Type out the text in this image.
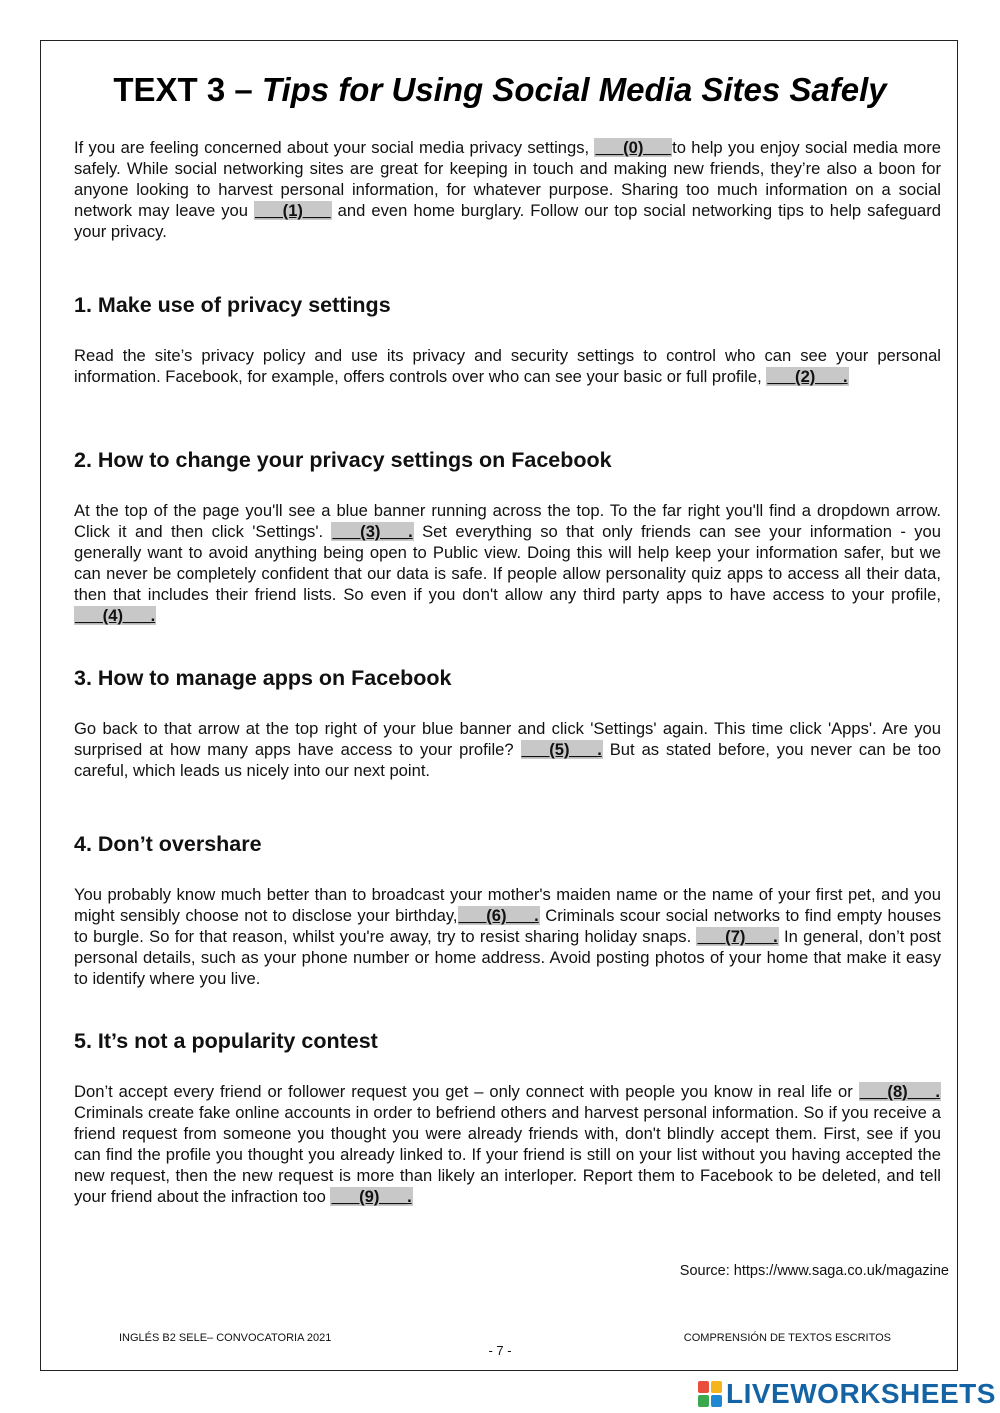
TEXT 3 – Tips for Using Social Media Sites Safely

If you are feeling concerned about your social media privacy settings, ___(0)___to help you enjoy social media more safely. While social networking sites are great for keeping in touch and making new friends, they’re also a boon for anyone looking to harvest personal information, for whatever purpose. Sharing too much information on a social network may leave you ___(1)___ and even home burglary. Follow our top social networking tips to help safeguard your privacy.

1. Make use of privacy settings

Read the site’s privacy policy and use its privacy and security settings to control who can see your personal information. Facebook, for example, offers controls over who can see your basic or full profile, ___(2)___.

2. How to change your privacy settings on Facebook

At the top of the page you'll see a blue banner running across the top. To the far right you'll find a dropdown arrow. Click it and then click 'Settings'. ___(3)___. Set everything so that only friends can see your information - you generally want to avoid anything being open to Public view. Doing this will help keep your information safer, but we can never be completely confident that our data is safe. If people allow personality quiz apps to access all their data, then that includes their friend lists. So even if you don't allow any third party apps to have access to your profile, ___(4)___.

3. How to manage apps on Facebook

Go back to that arrow at the top right of your blue banner and click 'Settings' again. This time click 'Apps'. Are you surprised at how many apps have access to your profile? ___(5)___. But as stated before, you never can be too careful, which leads us nicely into our next point.

4. Don’t overshare

You probably know much better than to broadcast your mother's maiden name or the name of your first pet, and you might sensibly choose not to disclose your birthday,___(6)___. Criminals scour social networks to find empty houses to burgle. So for that reason, whilst you're away, try to resist sharing holiday snaps. ___(7)___. In general, don’t post personal details, such as your phone number or home address. Avoid posting photos of your home that make it easy to identify where you live.

5. It’s not a popularity contest

Don’t accept every friend or follower request you get – only connect with people you know in real life or ___(8)___. Criminals create fake online accounts in order to befriend others and harvest personal information. So if you receive a friend request from someone you thought you were already friends with, don't blindly accept them. First, see if you can find the profile you thought you already linked to. If your friend is still on your list without you having accepted the new request, then the new request is more than likely an interloper. Report them to Facebook to be deleted, and tell your friend about the infraction too ___(9)___.

Source: https://www.saga.co.uk/magazine
INGLÉS B2 SELE– CONVOCATORIA 2021	COMPRENSIÓN DE TEXTOS ESCRITOS
- 7 -
LIVEWORKSHEETS
